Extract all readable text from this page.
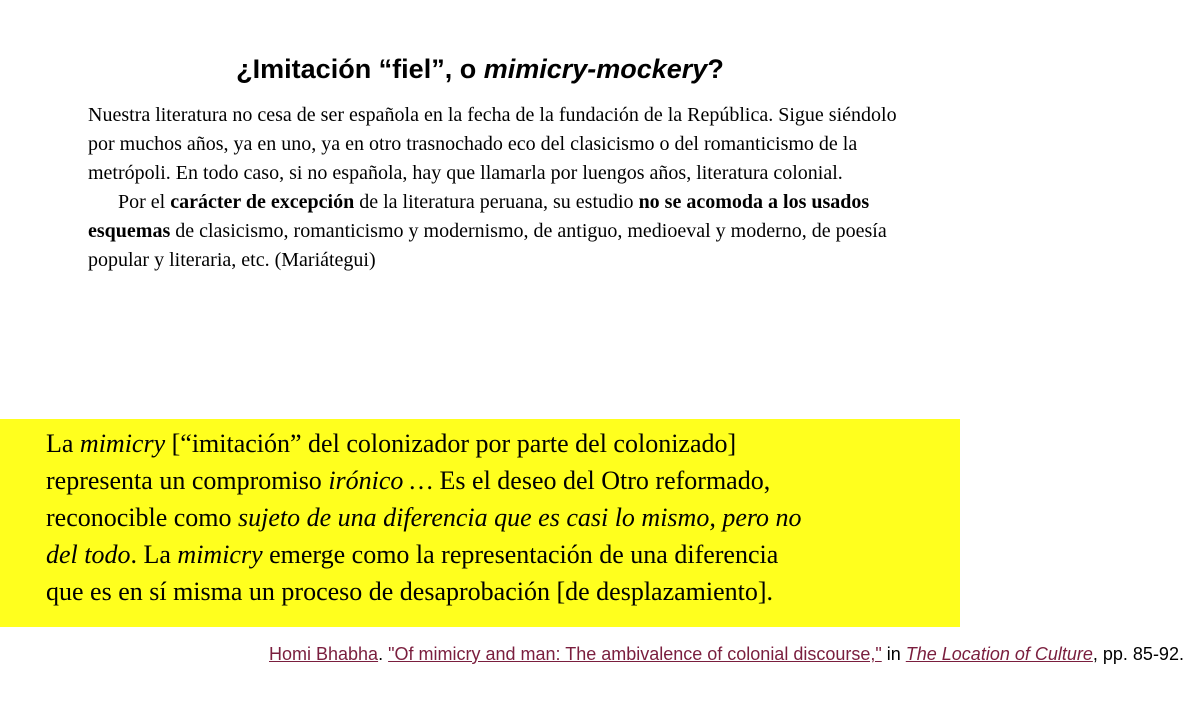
¿Imitación “fiel”, o mimicry-mockery?

Nuestra literatura no cesa de ser española en la fecha de la fundación de la República. Sigue siéndolo por muchos años, ya en uno, ya en otro trasnochado eco del clasicismo o del romanticismo de la metrópoli. En todo caso, si no española, hay que llamarla por luengos años, literatura colonial.

Por el carácter de excepción de la literatura peruana, su estudio no se acomoda a los usados esquemas de clasicismo, romanticismo y modernismo, de antiguo, medioeval y moderno, de poesía popular y literaria, etc. (Mariátegui)

La mimicry [“imitación” del colonizador por parte del colonizado]
representa un compromiso irónico … Es el deseo del Otro reformado,
reconocible como sujeto de una diferencia que es casi lo mismo, pero no
del todo. La mimicry emerge como la representación de una diferencia
que es en sí misma un proceso de desaprobación [de desplazamiento].

Homi Bhabha. "Of mimicry and man: The ambivalence of colonial discourse," in The Location of Culture, pp. 85-92.
